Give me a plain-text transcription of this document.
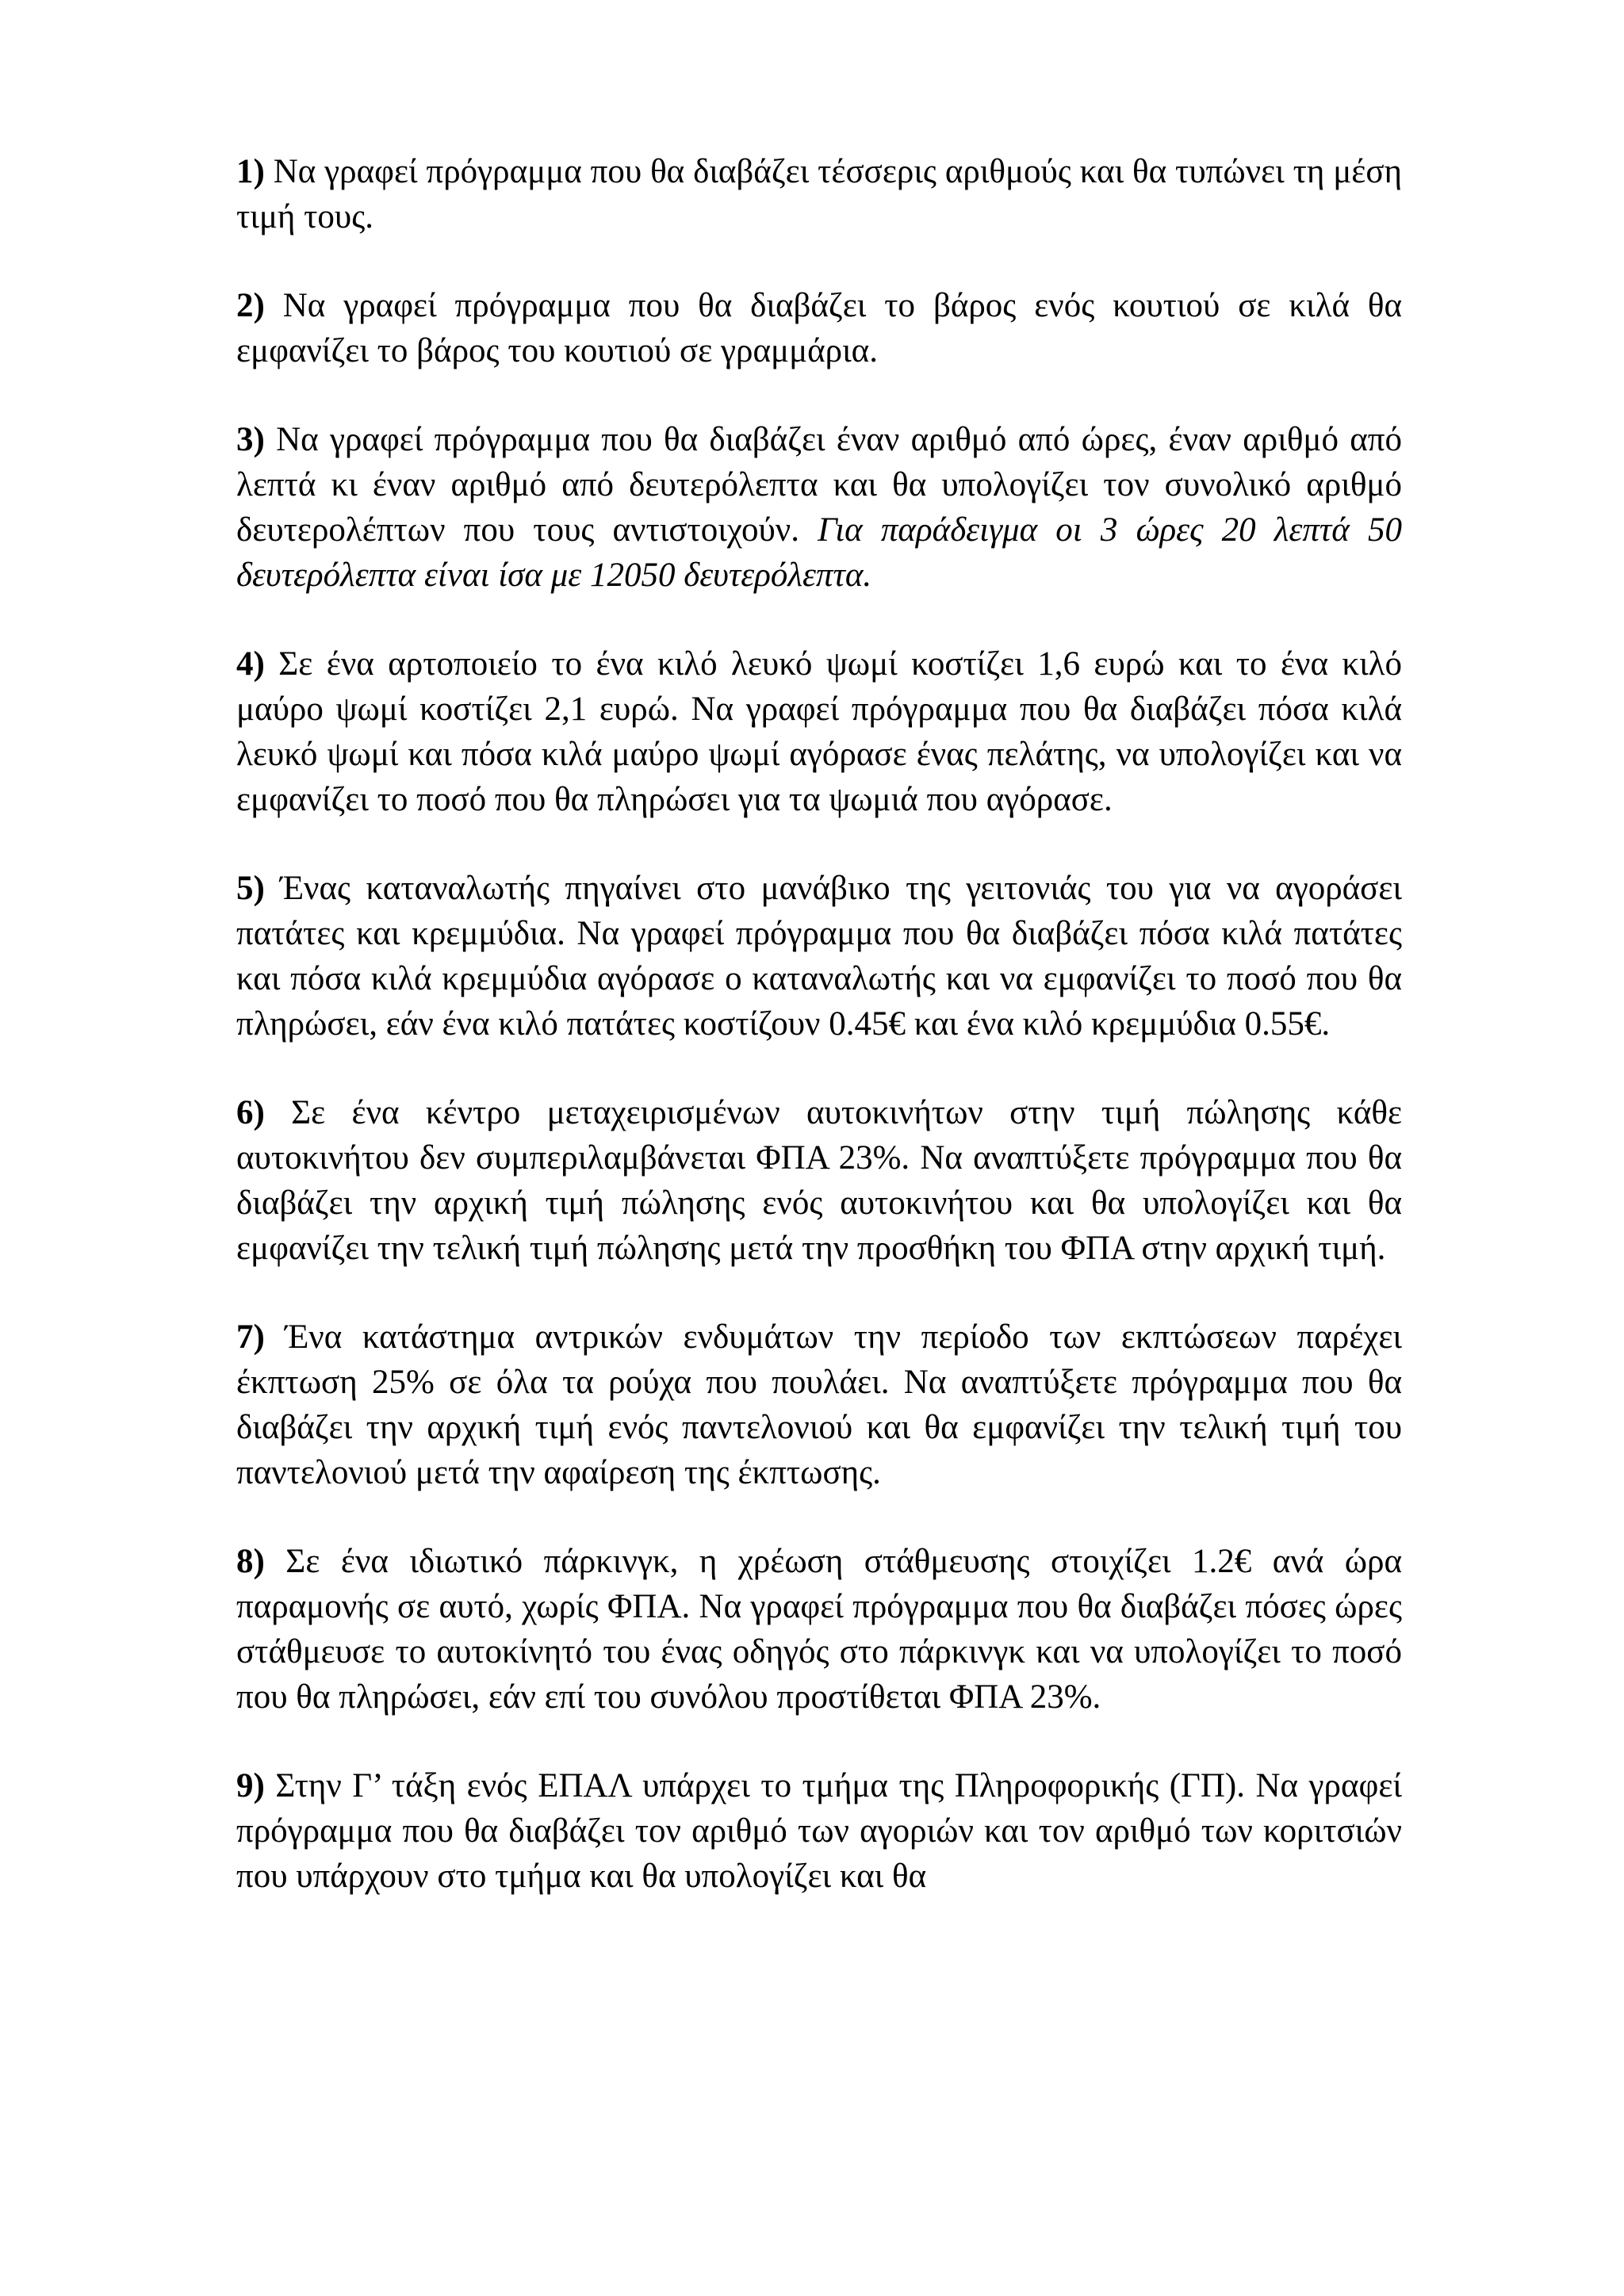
1) Να γραφεί πρόγραμμα που θα διαβάζει τέσσερις αριθμούς και θα τυπώνει τη μέση τιμή τους.

2) Να γραφεί πρόγραμμα που θα διαβάζει το βάρος ενός κουτιού σε κιλά θα εμφανίζει το βάρος του κουτιού σε γραμμάρια.

3) Να γραφεί πρόγραμμα που θα διαβάζει έναν αριθμό από ώρες, έναν αριθμό από λεπτά κι έναν αριθμό από δευτερόλεπτα και θα υπολογίζει τον συνολικό αριθμό δευτερολέπτων που τους αντιστοιχούν. Για παράδειγμα οι 3 ώρες 20 λεπτά 50 δευτερόλεπτα είναι ίσα με 12050 δευτερόλεπτα.

4) Σε ένα αρτοποιείο το ένα κιλό λευκό ψωμί κοστίζει 1,6 ευρώ και το ένα κιλό μαύρο ψωμί κοστίζει 2,1 ευρώ. Να γραφεί πρόγραμμα που θα διαβάζει πόσα κιλά λευκό ψωμί και πόσα κιλά μαύρο ψωμί αγόρασε ένας πελάτης, να υπολογίζει και να εμφανίζει το ποσό που θα πληρώσει για τα ψωμιά που αγόρασε.

5) Ένας καταναλωτής πηγαίνει στο μανάβικο της γειτονιάς του για να αγοράσει πατάτες και κρεμμύδια. Να γραφεί πρόγραμμα που θα διαβάζει πόσα κιλά πατάτες και πόσα κιλά κρεμμύδια αγόρασε ο καταναλωτής και να εμφανίζει το ποσό που θα πληρώσει, εάν ένα κιλό πατάτες κοστίζουν 0.45€ και ένα κιλό κρεμμύδια 0.55€.

6) Σε ένα κέντρο μεταχειρισμένων αυτοκινήτων στην τιμή πώλησης κάθε αυτοκινήτου δεν συμπεριλαμβάνεται ΦΠΑ 23%. Να αναπτύξετε πρόγραμμα που θα διαβάζει την αρχική τιμή πώλησης ενός αυτοκινήτου και θα υπολογίζει και θα εμφανίζει την τελική τιμή πώλησης μετά την προσθήκη του ΦΠΑ στην αρχική τιμή.

7) Ένα κατάστημα αντρικών ενδυμάτων την περίοδο των εκπτώσεων παρέχει έκπτωση 25% σε όλα τα ρούχα που πουλάει. Να αναπτύξετε πρόγραμμα που θα διαβάζει την αρχική τιμή ενός παντελονιού και θα εμφανίζει την τελική τιμή του παντελονιού μετά την αφαίρεση της έκπτωσης.

8) Σε ένα ιδιωτικό πάρκινγκ, η χρέωση στάθμευσης στοιχίζει 1.2€ ανά ώρα παραμονής σε αυτό, χωρίς ΦΠΑ. Να γραφεί πρόγραμμα που θα διαβάζει πόσες ώρες στάθμευσε το αυτοκίνητό του ένας οδηγός στο πάρκινγκ και να υπολογίζει το ποσό που θα πληρώσει, εάν επί του συνόλου προστίθεται ΦΠΑ 23%.

9) Στην Γ’ τάξη ενός ΕΠΑΛ υπάρχει το τμήμα της Πληροφορικής (ΓΠ). Να γραφεί πρόγραμμα που θα διαβάζει τον αριθμό των αγοριών και τον αριθμό των κοριτσιών που υπάρχουν στο τμήμα και θα υπολογίζει και θα
